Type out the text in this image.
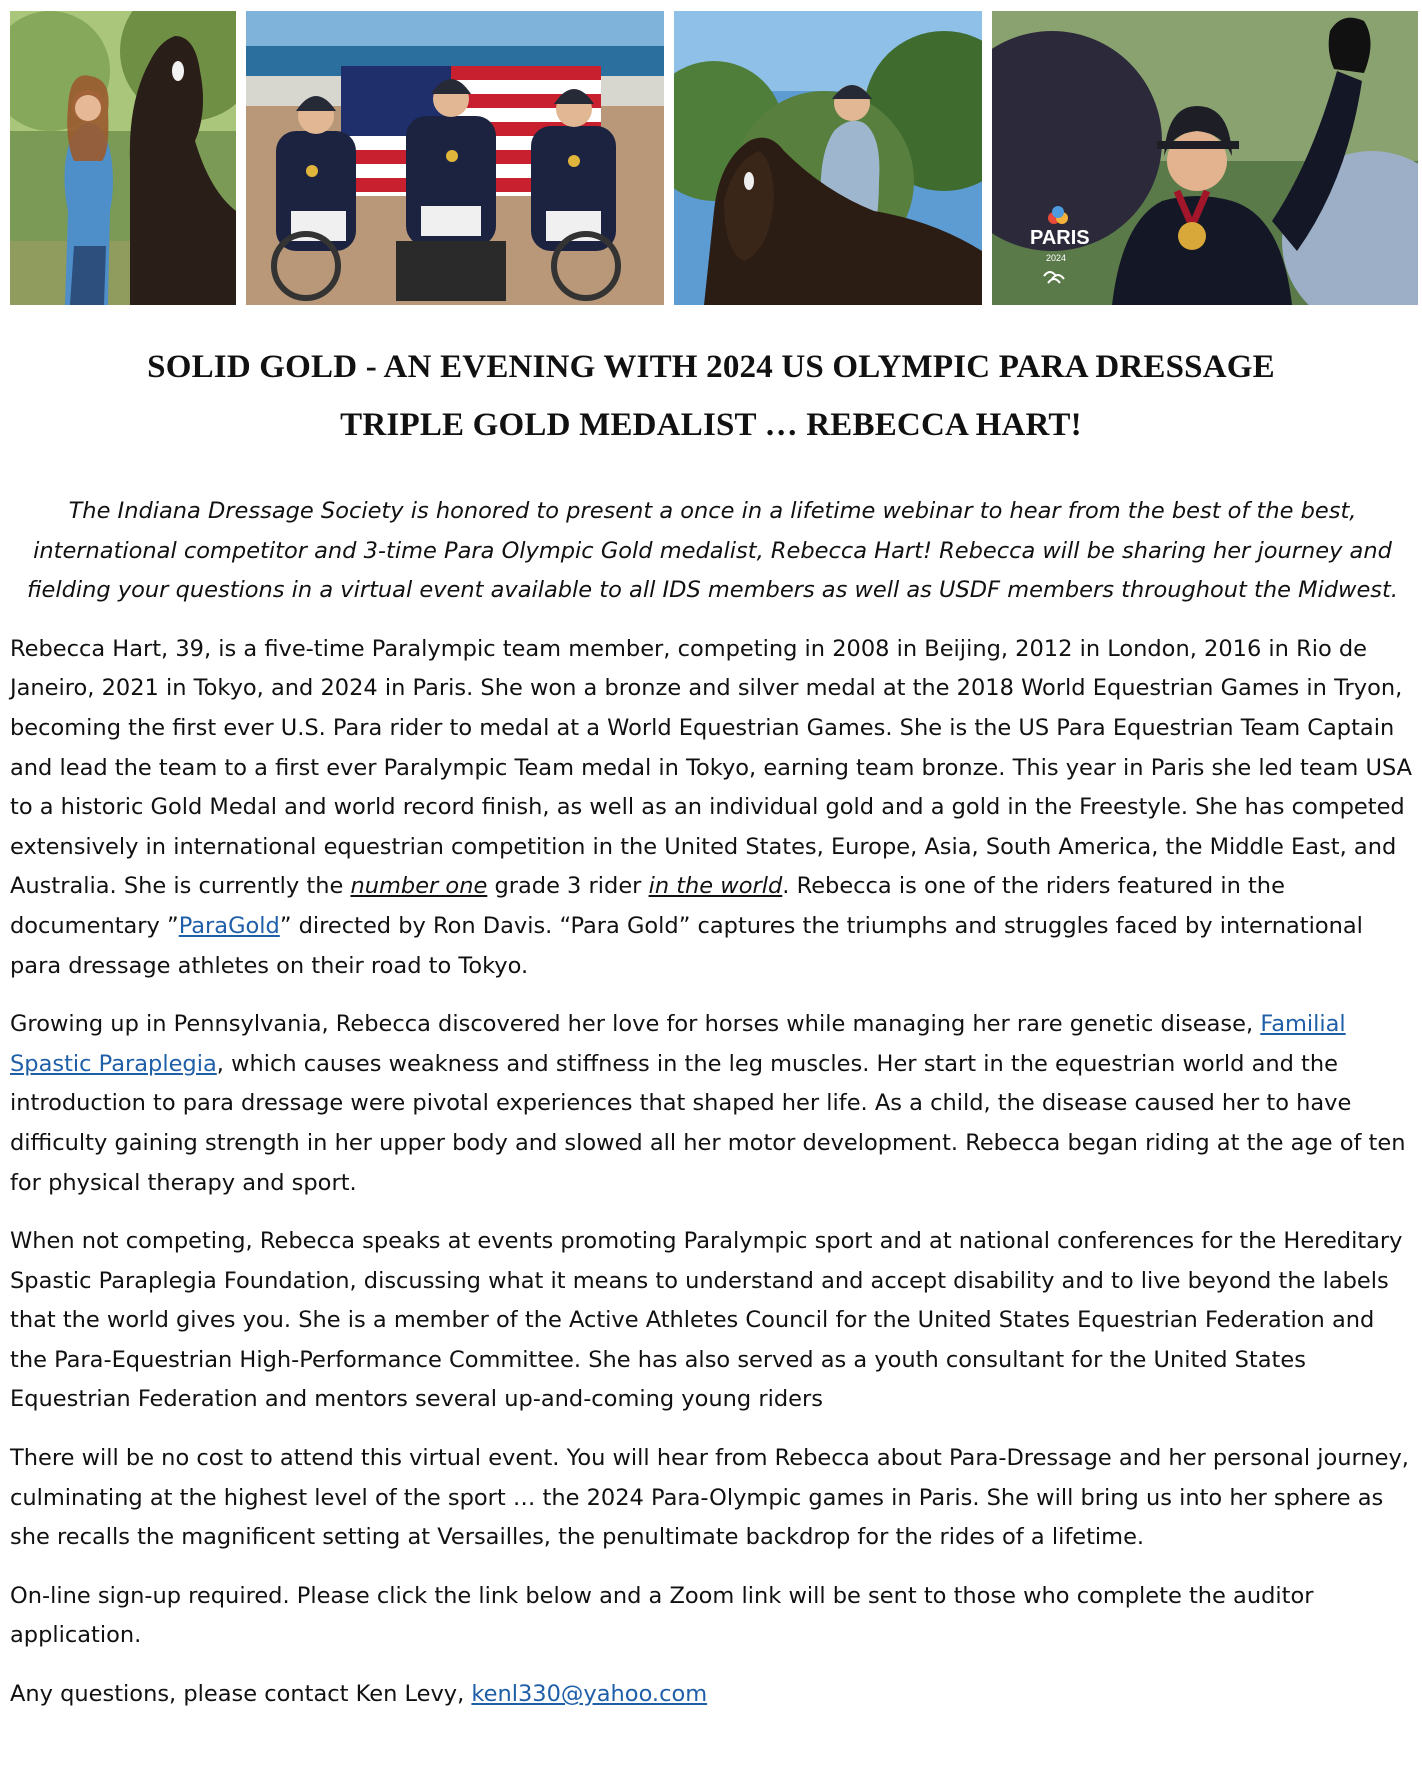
PARIS
2024
SOLID GOLD - AN EVENING WITH 2024 US OLYMPIC PARA DRESSAGE
TRIPLE GOLD MEDALIST … REBECCA HART!

The Indiana Dressage Society is honored to present a once in a lifetime webinar to hear from the best of the best, international competitor and 3-time Para Olympic Gold medalist, Rebecca Hart! Rebecca will be sharing her journey and fielding your questions in a virtual event available to all IDS members as well as USDF members throughout the Midwest.

Rebecca Hart, 39, is a five-time Paralympic team member, competing in 2008 in Beijing, 2012 in London, 2016 in Rio de Janeiro, 2021 in Tokyo, and 2024 in Paris. She won a bronze and silver medal at the 2018 World Equestrian Games in Tryon, becoming the first ever U.S. Para rider to medal at a World Equestrian Games. She is the US Para Equestrian Team Captain and lead the team to a first ever Paralympic Team medal in Tokyo, earning team bronze. This year in Paris she led team USA to a historic Gold Medal and world record finish, as well as an individual gold and a gold in the Freestyle. She has competed extensively in international equestrian competition in the United States, Europe, Asia, South America, the Middle East, and Australia. She is currently the number one grade 3 rider in the world. Rebecca is one of the riders featured in the documentary ”ParaGold” directed by Ron Davis. “Para Gold” captures the triumphs and struggles faced by international para dressage athletes on their road to Tokyo.

Growing up in Pennsylvania, Rebecca discovered her love for horses while managing her rare genetic disease, Familial Spastic Paraplegia, which causes weakness and stiffness in the leg muscles. Her start in the equestrian world and the introduction to para dressage were pivotal experiences that shaped her life. As a child, the disease caused her to have difficulty gaining strength in her upper body and slowed all her motor development. Rebecca began riding at the age of ten for physical therapy and sport.

When not competing, Rebecca speaks at events promoting Paralympic sport and at national conferences for the Hereditary Spastic Paraplegia Foundation, discussing what it means to understand and accept disability and to live beyond the labels that the world gives you. She is a member of the Active Athletes Council for the United States Equestrian Federation and the Para-Equestrian High-Performance Committee. She has also served as a youth consultant for the United States Equestrian Federation and mentors several up-and-coming young riders

There will be no cost to attend this virtual event. You will hear from Rebecca about Para-Dressage and her personal journey, culminating at the highest level of the sport … the 2024 Para-Olympic games in Paris. She will bring us into her sphere as she recalls the magnificent setting at Versailles, the penultimate backdrop for the rides of a lifetime.

On-line sign-up required. Please click the link below and a Zoom link will be sent to those who complete the auditor application.

Any questions, please contact Ken Levy, kenl330@yahoo.com
